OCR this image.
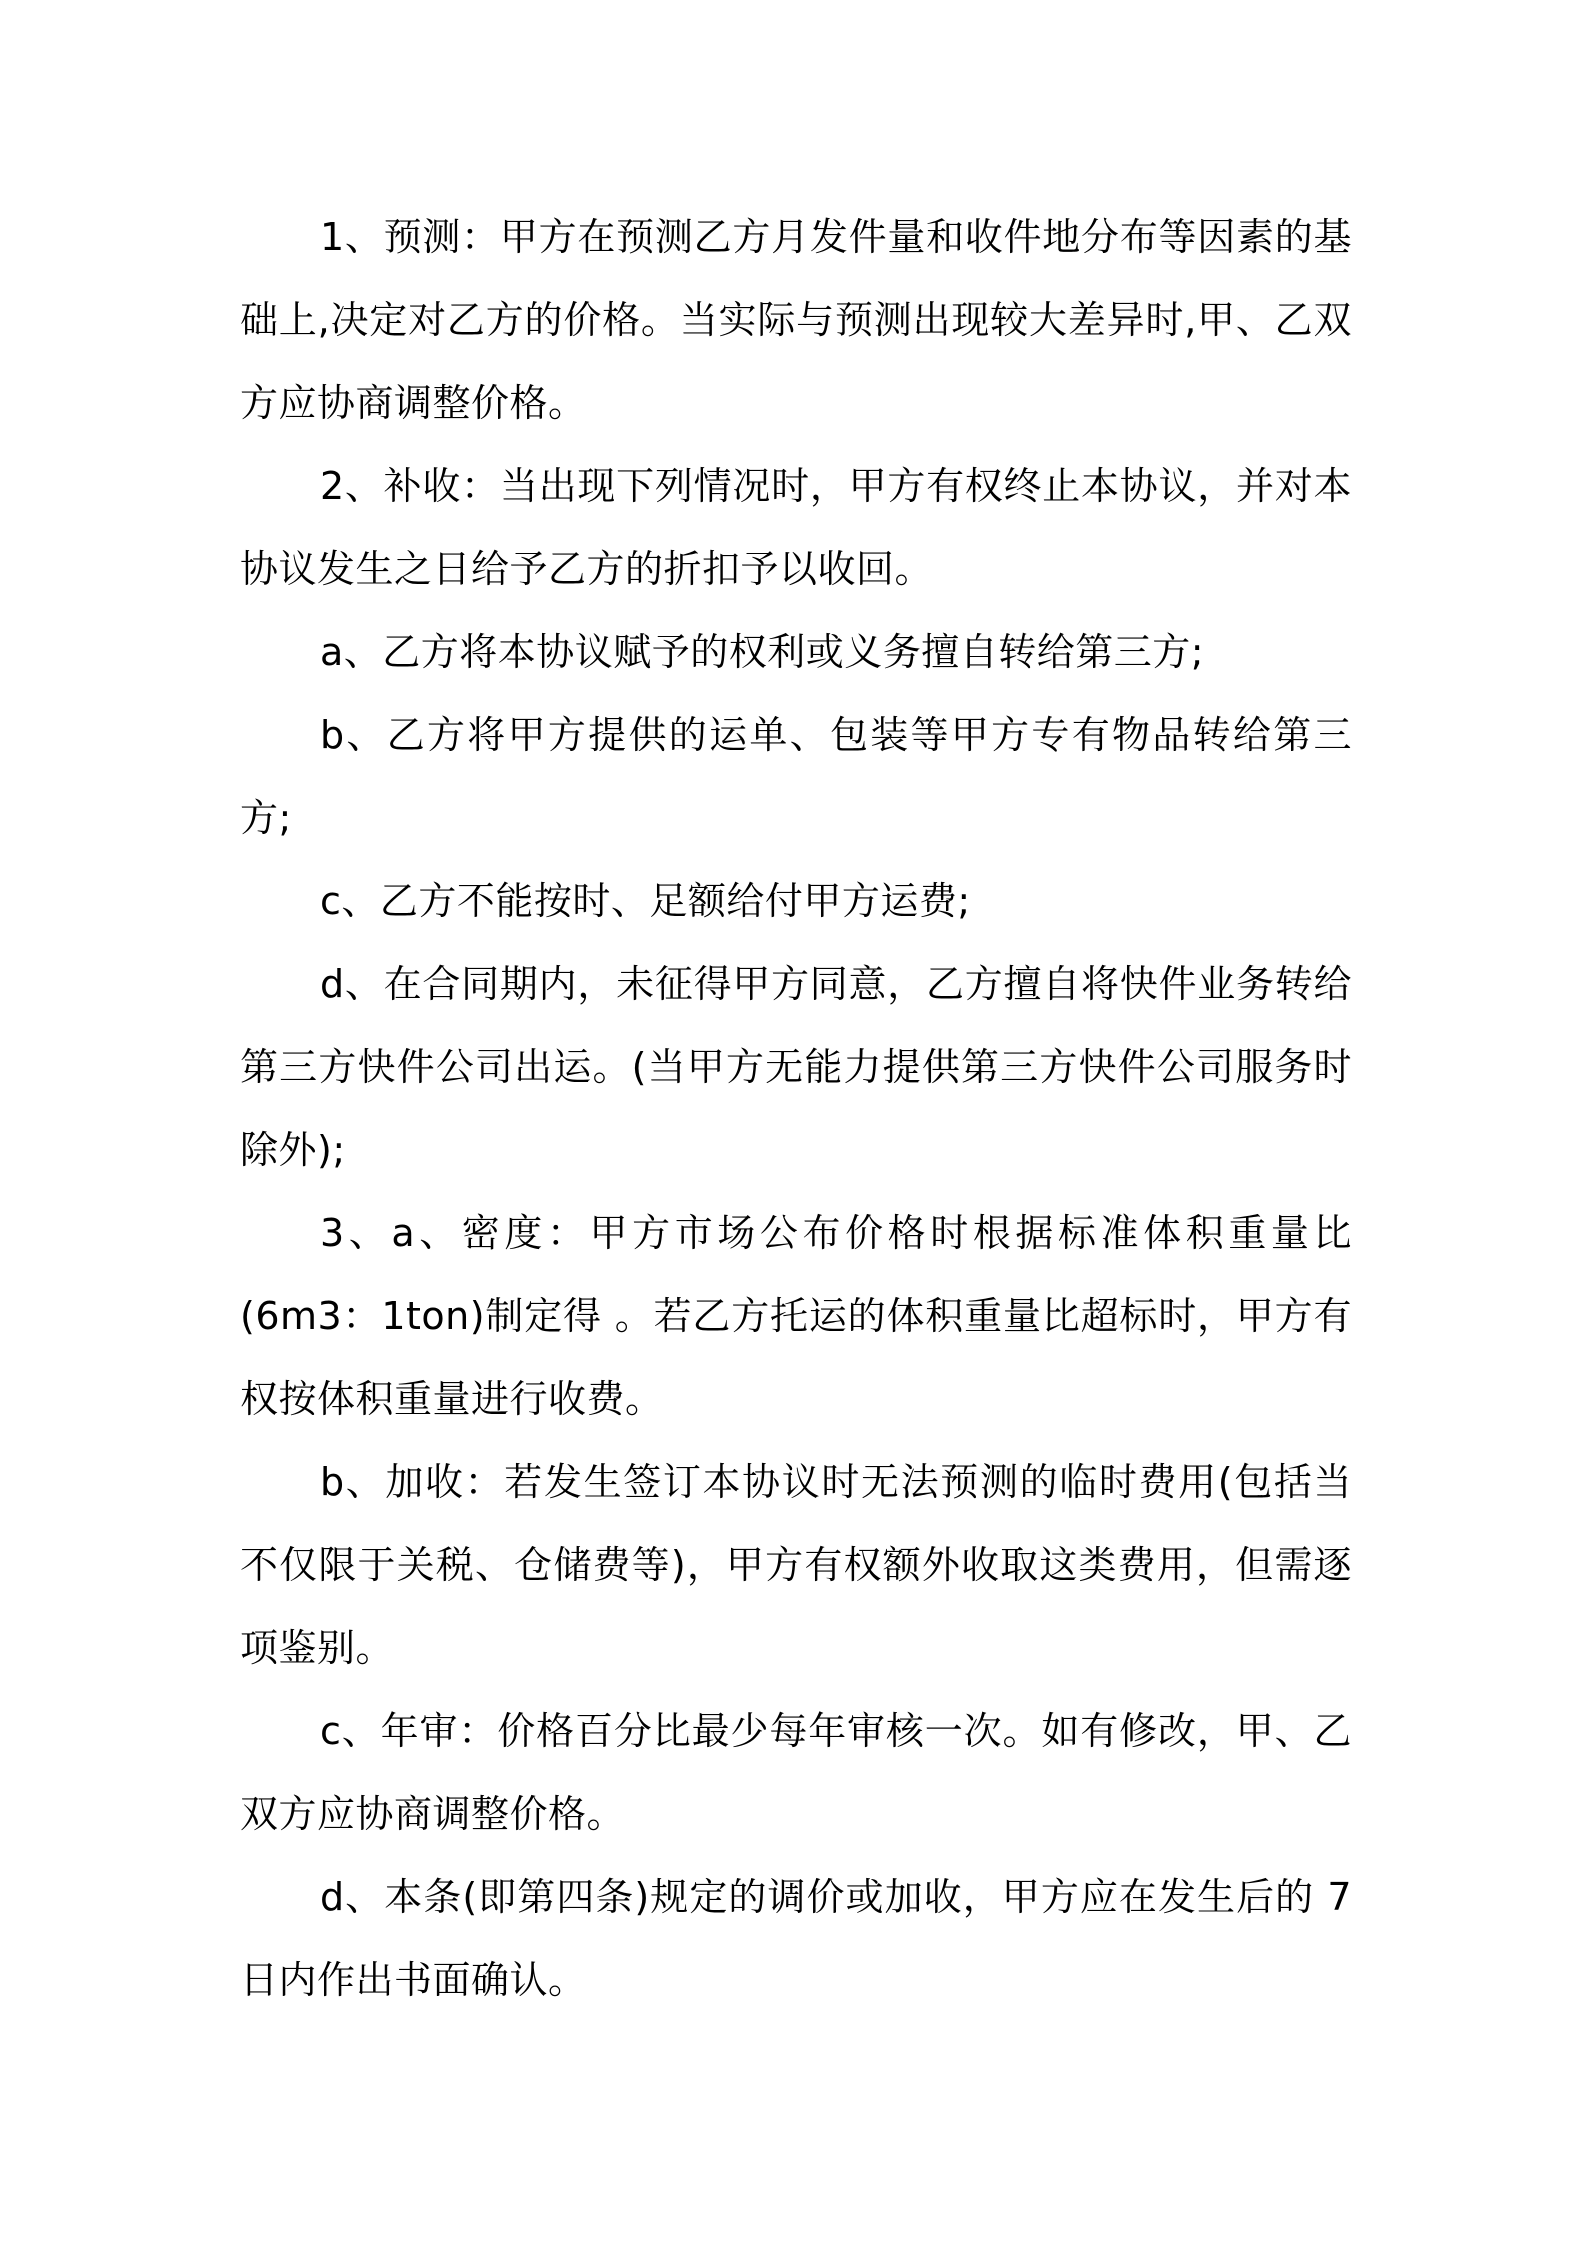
1、预测：甲方在预测乙方月发件量和收件地分布等因素的基础上,决定对乙方的价格。当实际与预测出现较大差异时,甲、乙双方应协商调整价格。

2、补收：当出现下列情况时，甲方有权终止本协议，并对本协议发生之日给予乙方的折扣予以收回。

a、乙方将本协议赋予的权利或义务擅自转给第三方;

b、乙方将甲方提供的运单、包装等甲方专有物品转给第三方;

c、乙方不能按时、足额给付甲方运费;

d、在合同期内，未征得甲方同意，乙方擅自将快件业务转给第三方快件公司出运。(当甲方无能力提供第三方快件公司服务时除外);

3、a、密度：甲方市场公布价格时根据标准体积重量比(6m3：1ton)制定得 。若乙方托运的体积重量比超标时，甲方有权按体积重量进行收费。

b、加收：若发生签订本协议时无法预测的临时费用(包括当不仅限于关税、仓储费等)，甲方有权额外收取这类费用，但需逐项鉴别。

c、年审：价格百分比最少每年审核一次。如有修改，甲、乙双方应协商调整价格。

d、本条(即第四条)规定的调价或加收，甲方应在发生后的 7 日内作出书面确认。
